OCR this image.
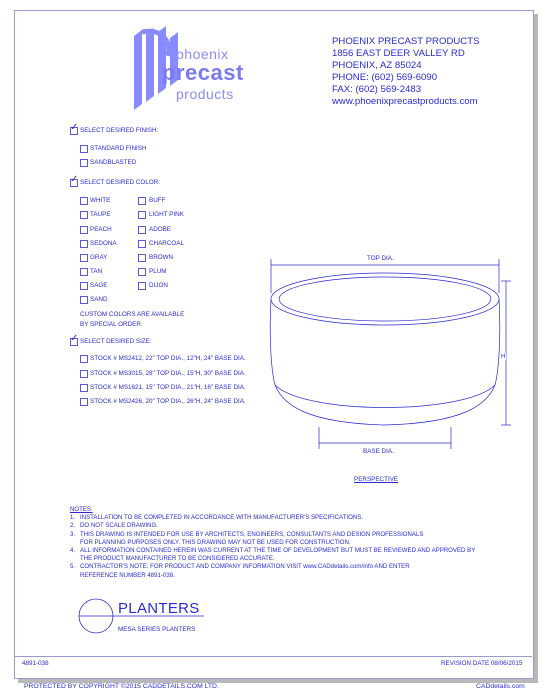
phoenix
precast
products
PHOENIX PRECAST PRODUCTS
1856 EAST DEER VALLEY RD
PHOENIX, AZ 85024
PHONE: (602) 569-6090
FAX: (602) 569-2483
www.phoenixprecastproducts.com
✓ SELECT DESIRED FINISH:
STANDARD FINISH
SANDBLASTED
✓ SELECT DESIRED COLOR:
WHITE
TAUPE
PEACH
SEDONA
GRAY
TAN
SAGE
SAND
BUFF
LIGHT PINK
ADOBE
CHARCOAL
BROWN
PLUM
DIJON
CUSTOM COLORS ARE AVAILABLE
BY SPECIAL ORDER.
✓ SELECT DESIRED SIZE:
STOCK # MS2412, 22" TOP DIA., 12"H, 24" BASE DIA.
STOCK # MS3015, 28" TOP DIA., 15"H, 30" BASE DIA.
STOCK # MS1621, 15" TOP DIA., 21"H, 16" BASE DIA.
STOCK # MS2426, 20" TOP DIA., 26"H, 24" BASE DIA.
TOP DIA.
BASE DIA.
H
PERSPECTIVE
NOTES:
1. INSTALLATION TO BE COMPLETED IN ACCORDANCE WITH MANUFACTURER'S SPECIFICATIONS.
2. DO NOT SCALE DRAWING.
3. THIS DRAWING IS INTENDED FOR USE BY ARCHITECTS, ENGINEERS, CONSULTANTS AND DESIGN PROFESSIONALS
FOR PLANNING PURPOSES ONLY. THIS DRAWING MAY NOT BE USED FOR CONSTRUCTION.
4. ALL INFORMATION CONTAINED HEREIN WAS CURRENT AT THE TIME OF DEVELOPMENT BUT MUST BE REVIEWED AND APPROVED BY
THE PRODUCT MANUFACTURER TO BE CONSIDERED ACCURATE.
5. CONTRACTOR'S NOTE: FOR PRODUCT AND COMPANY INFORMATION VISIT www.CADdetails.com/info AND ENTER
REFERENCE NUMBER 4891-038.
PLANTERS
MESA SERIES PLANTERS
4891-038	REVISION DATE 08/06/2015
PROTECTED BY COPYRIGHT ©2015 CADDETAILS.COM LTD.	CADdetails.com
